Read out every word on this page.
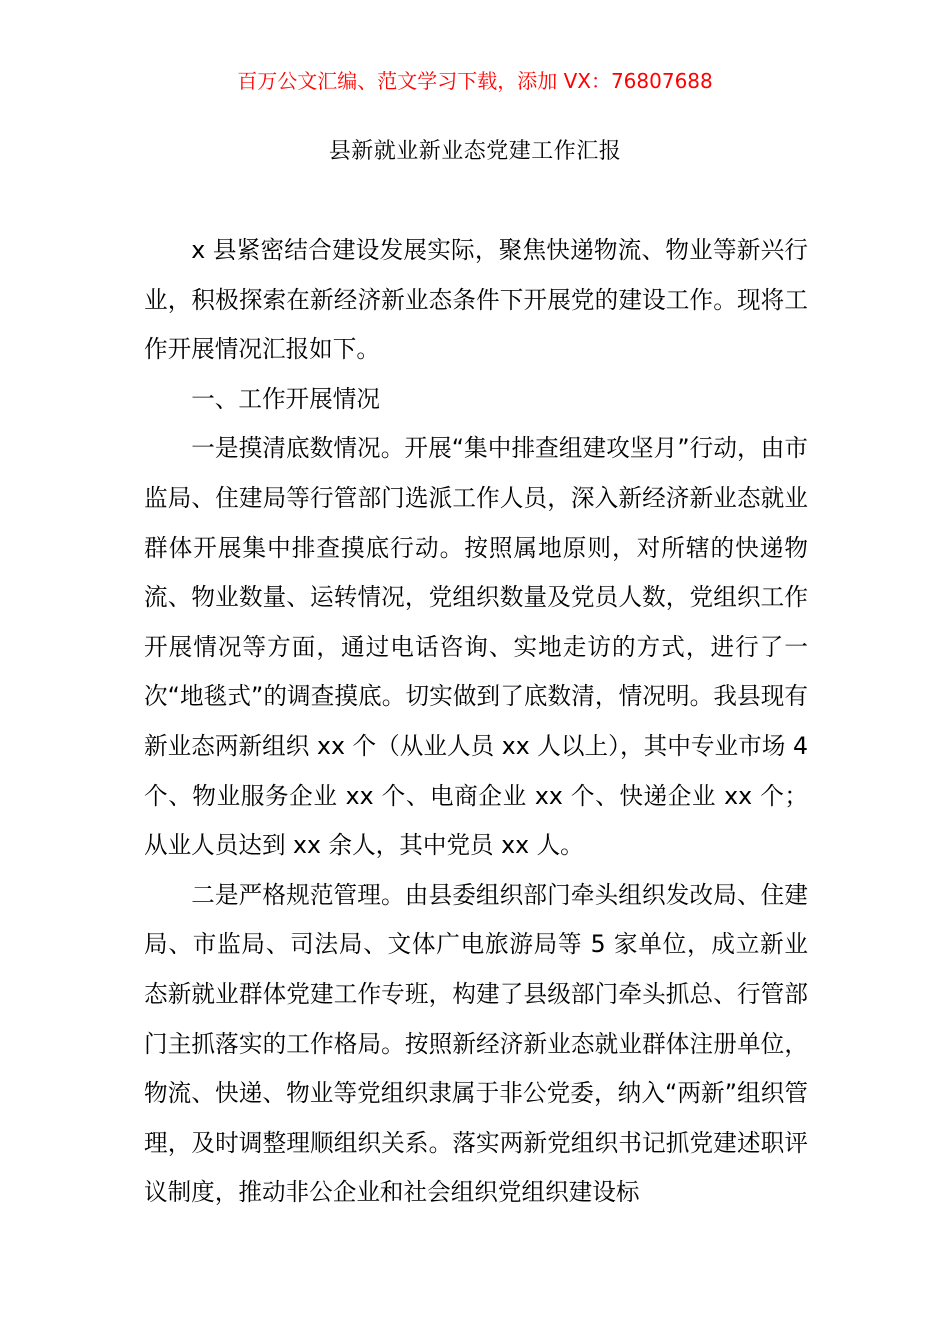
百万公文汇编、范文学习下载，添加 VX：76807688
县新就业新业态党建工作汇报

x 县紧密结合建设发展实际，聚焦快递物流、物业等新兴行业，积极探索在新经济新业态条件下开展党的建设工作。现将工作开展情况汇报如下。

一、工作开展情况

一是摸清底数情况。开展“集中排查组建攻坚月”行动，由市监局、住建局等行管部门选派工作人员，深入新经济新业态就业群体开展集中排查摸底行动。按照属地原则，对所辖的快递物流、物业数量、运转情况，党组织数量及党员人数，党组织工作开展情况等方面，通过电话咨询、实地走访的方式，进行了一次“地毯式”的调查摸底。切实做到了底数清，情况明。我县现有新业态两新组织 xx 个（从业人员 xx 人以上），其中专业市场 4 个、物业服务企业 xx 个、电商企业 xx 个、快递企业 xx 个；从业人员达到 xx 余人，其中党员 xx 人。

二是严格规范管理。由县委组织部门牵头组织发改局、住建局、市监局、司法局、文体广电旅游局等 5 家单位，成立新业态新就业群体党建工作专班，构建了县级部门牵头抓总、行管部门主抓落实的工作格局。按照新经济新业态就业群体注册单位，物流、快递、物业等党组织隶属于非公党委，纳入“两新”组织管理，及时调整理顺组织关系。落实两新党组织书记抓党建述职评议制度，推动非公企业和社会组织党组织建设标
